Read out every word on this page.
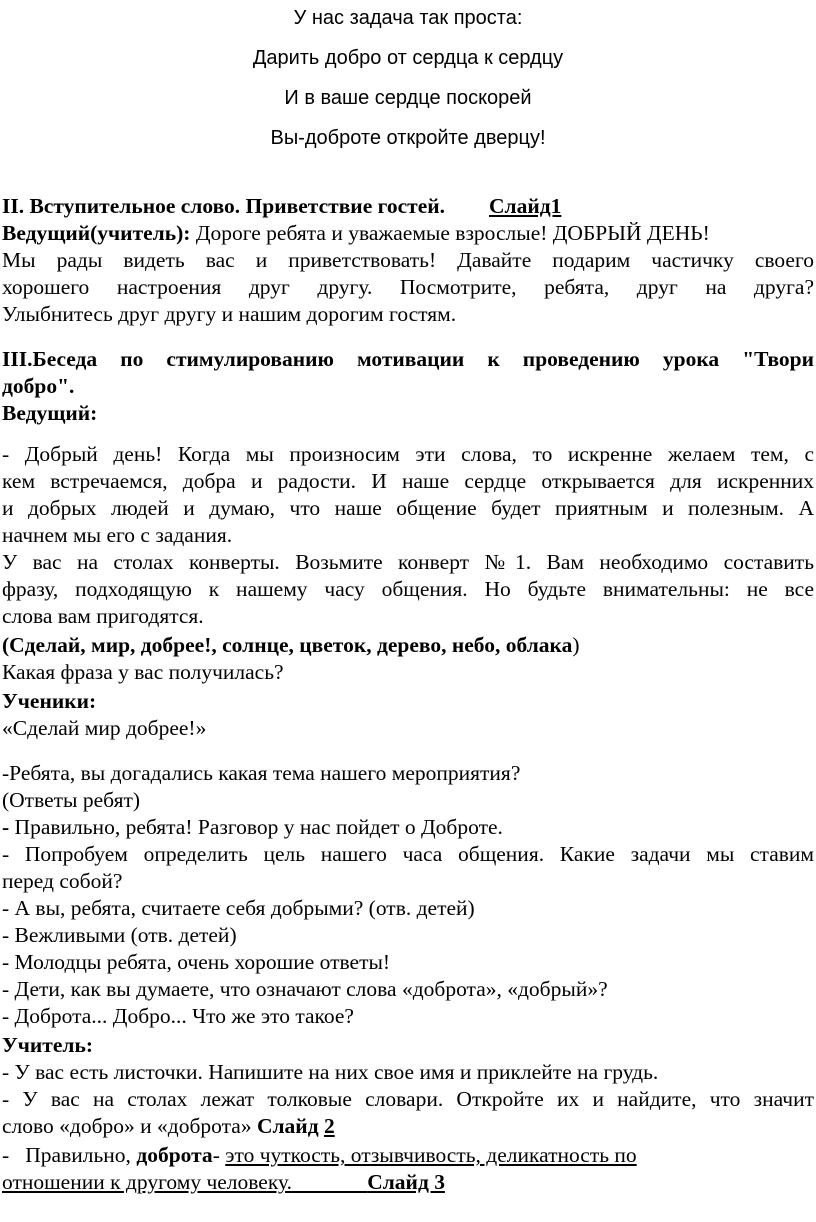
У нас задача так проста:
Дарить добро от сердца к сердцу
И в ваше сердце поскорей
Вы-доброте откройте дверцу!
II. Вступительное слово. Приветствие гостей. Слайд1
Ведущий(учитель): Дороге ребята и уважаемые взрослые! ДОБРЫЙ ДЕНЬ!
Мы рады видеть вас и приветствовать! Давайте подарим частичку своего
хорошего настроения друг другу. Посмотрите, ребята, друг на друга?
Улыбнитесь друг другу и нашим дорогим гостям.
III.Беседа по стимулированию мотивации к проведению урока "Твори
добро".
Ведущий:
- Добрый день! Когда мы произносим эти слова, то искренне желаем тем, с
кем встречаемся, добра и радости. И наше сердце открывается для искренних
и добрых людей и думаю, что наше общение будет приятным и полезным. А
начнем мы его с задания.
У вас на столах конверты. Возьмите конверт №1. Вам необходимо составить
фразу, подходящую к нашему часу общения. Но будьте внимательны: не все
слова вам пригодятся.
(Сделай, мир, добрее!, солнце, цветок, дерево, небо, облака)
Какая фраза у вас получилась?
Ученики:
«Сделай мир добрее!»
-Ребята, вы догадались какая тема нашего мероприятия?
(Ответы ребят)
- Правильно, ребята! Разговор у нас пойдет о Доброте.
- Попробуем определить цель нашего часа общения. Какие задачи мы ставим
перед собой?
- А вы, ребята, считаете себя добрыми? (отв. детей)
- Вежливыми (отв. детей)
- Молодцы ребята, очень хорошие ответы!
- Дети, как вы думаете, что означают слова «доброта», «добрый»?
- Доброта... Добро... Что же это такое?
Учитель:
- У вас есть листочки. Напишите на них свое имя и приклейте на грудь.
- У вас на столах лежат толковые словари. Откройте их и найдите, что значит
слово «добро» и «доброта» Слайд 2
-   Правильно, доброта- это чуткость, отзывчивость, деликатность по
отношении к другому человеку.	Слайд 3
